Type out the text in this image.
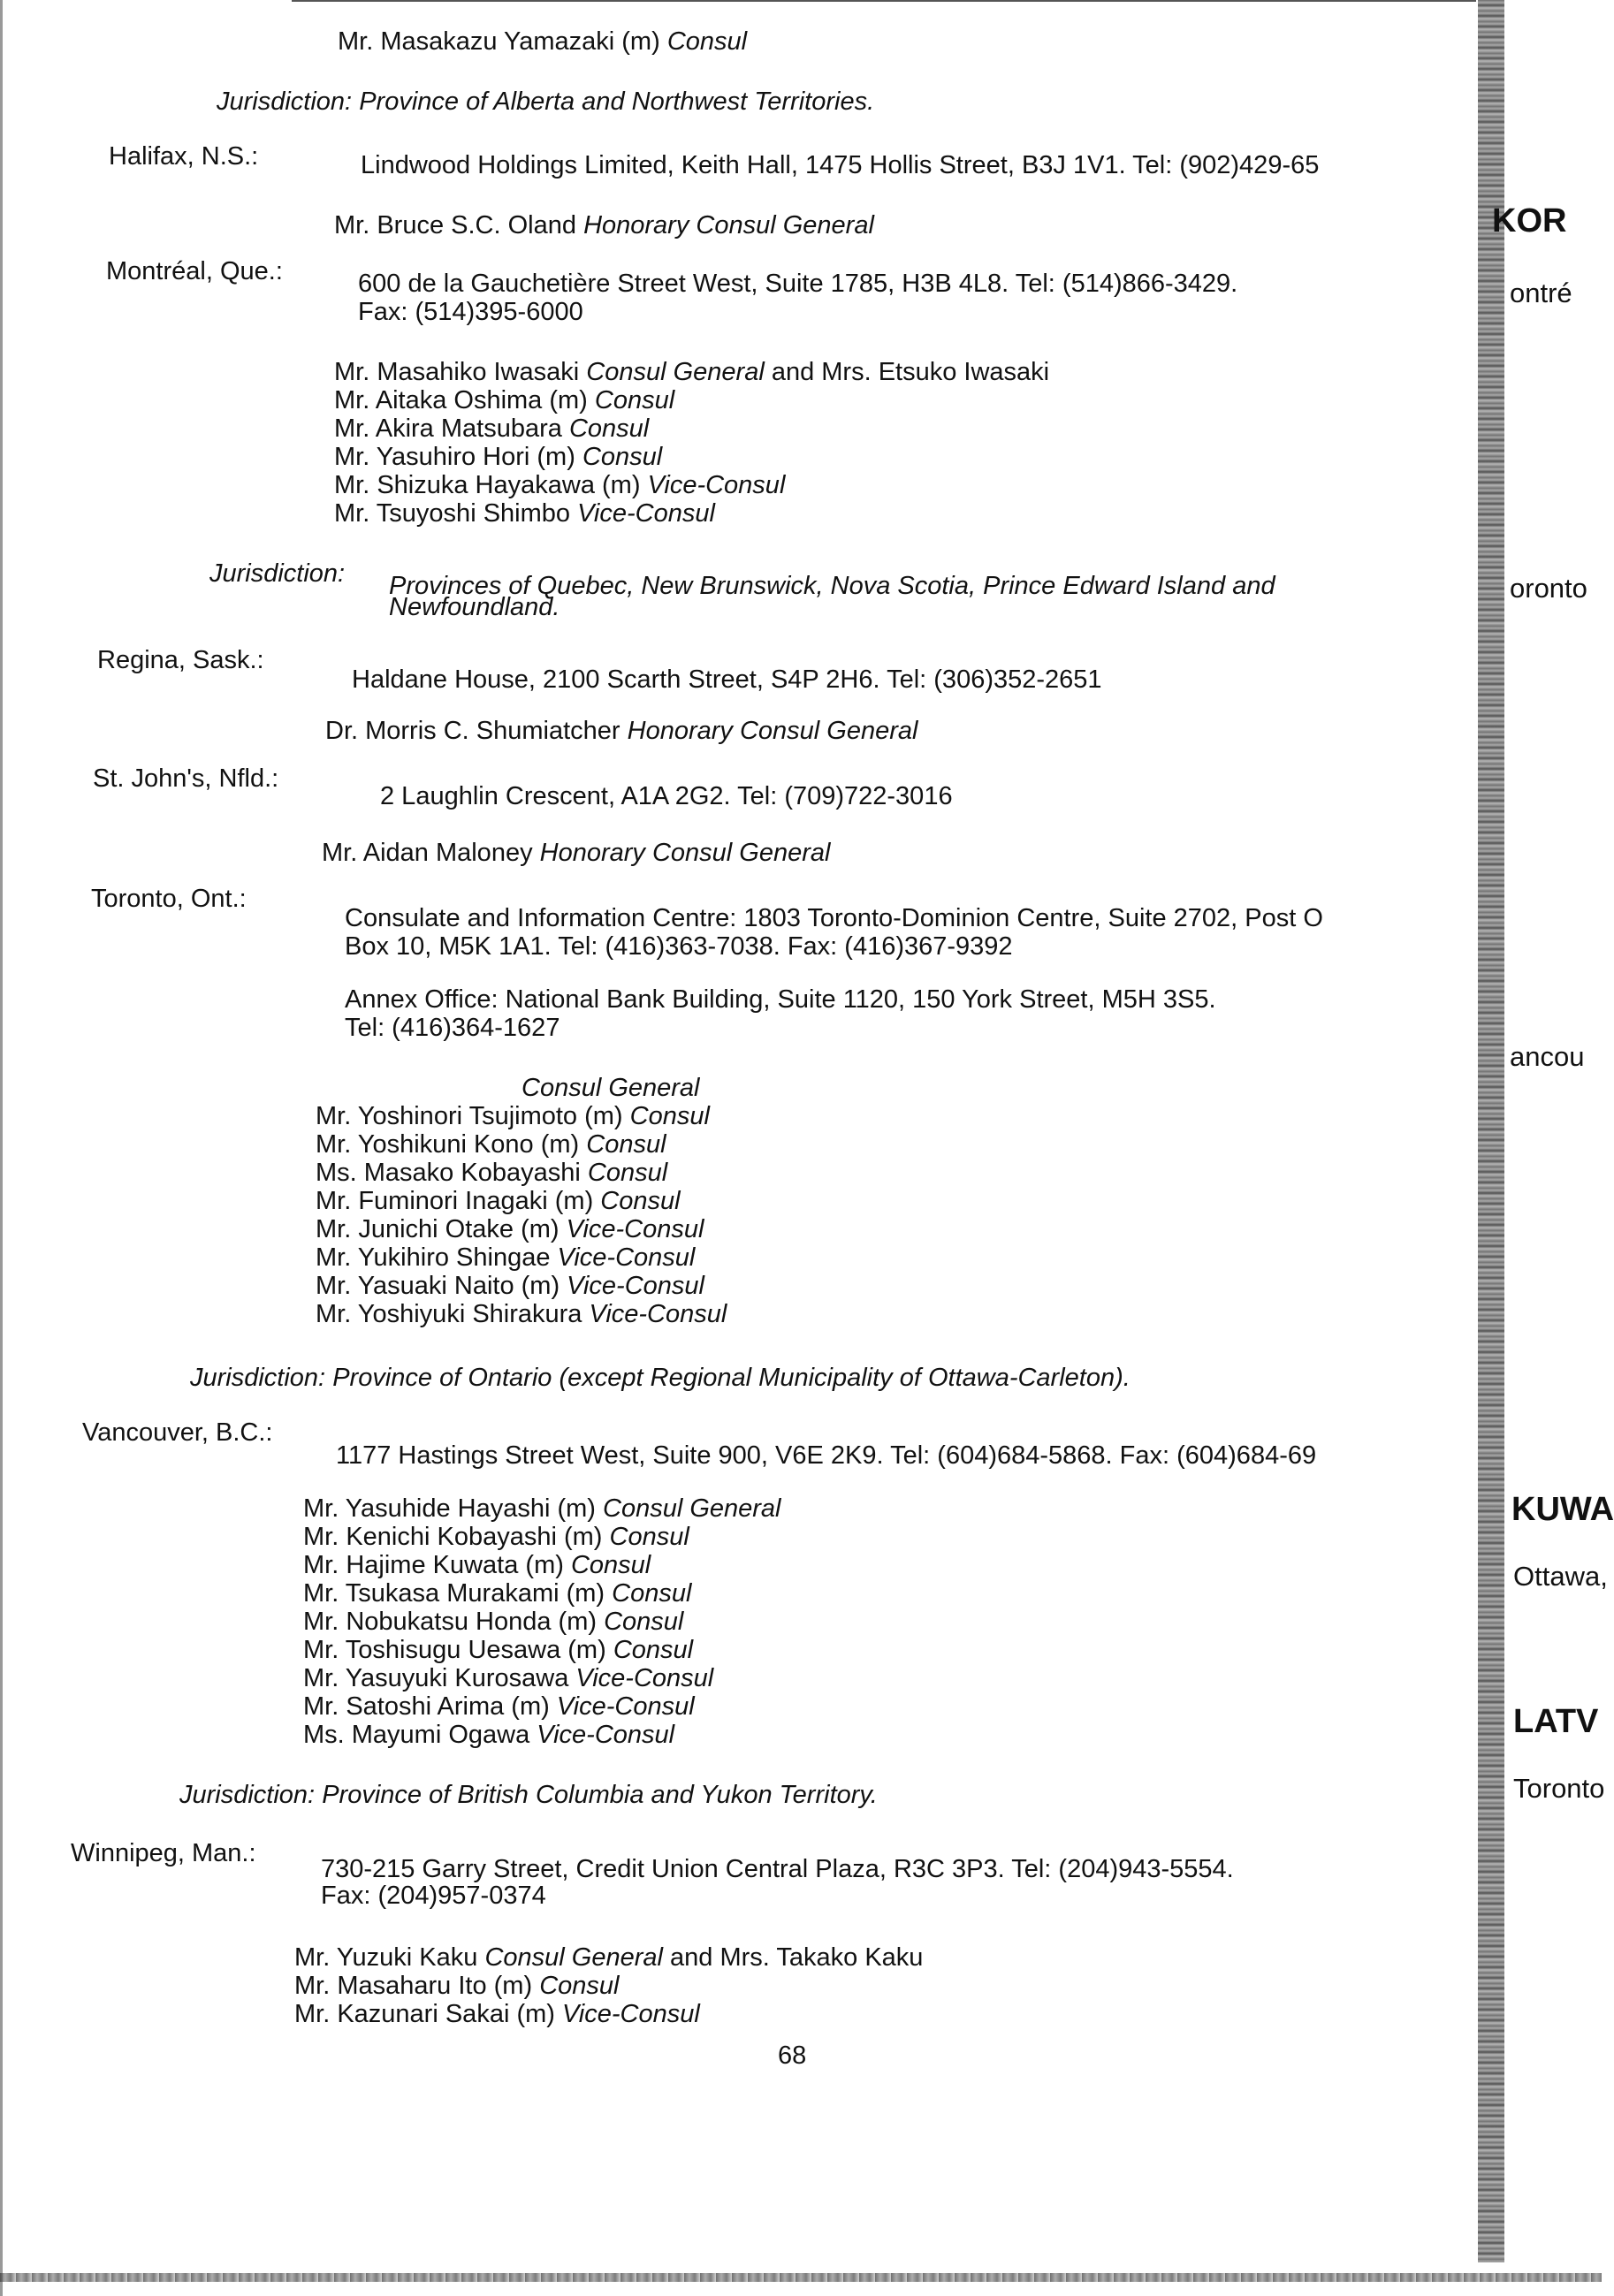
Mr. Masakazu Yamazaki (m) Consul
Jurisdiction: Province of Alberta and Northwest Territories.
Halifax, N.S.:	Lindwood Holdings Limited, Keith Hall, 1475 Hollis Street, B3J 1V1. Tel: (902)429-65
Mr. Bruce S.C. Oland Honorary Consul General
Montréal, Que.:	600 de la Gauchetière Street West, Suite 1785, H3B 4L8. Tel: (514)866-3429.
Fax: (514)395-6000
Mr. Masahiko Iwasaki Consul General and Mrs. Etsuko Iwasaki
Mr. Aitaka Oshima (m) Consul
Mr. Akira Matsubara Consul
Mr. Yasuhiro Hori (m) Consul
Mr. Shizuka Hayakawa (m) Vice-Consul
Mr. Tsuyoshi Shimbo Vice-Consul
Jurisdiction: Provinces of Quebec, New Brunswick, Nova Scotia, Prince Edward Island and
Newfoundland.
Regina, Sask.:
Haldane House, 2100 Scarth Street, S4P 2H6. Tel: (306)352-2651
Dr. Morris C. Shumiatcher Honorary Consul General
St. John's, Nfld.:
2 Laughlin Crescent, A1A 2G2. Tel: (709)722-3016
Mr. Aidan Maloney Honorary Consul General
Toronto, Ont.:
Consulate and Information Centre: 1803 Toronto-Dominion Centre, Suite 2702, Post O
Box 10, M5K 1A1. Tel: (416)363-7038. Fax: (416)367-9392
Annex Office: National Bank Building, Suite 1120, 150 York Street, M5H 3S5.
Tel: (416)364-1627
Consul General
Mr. Yoshinori Tsujimoto (m) Consul
Mr. Yoshikuni Kono (m) Consul
Ms. Masako Kobayashi Consul
Mr. Fuminori Inagaki (m) Consul
Mr. Junichi Otake (m) Vice-Consul
Mr. Yukihiro Shingae Vice-Consul
Mr. Yasuaki Naito (m) Vice-Consul
Mr. Yoshiyuki Shirakura Vice-Consul
Jurisdiction: Province of Ontario (except Regional Municipality of Ottawa-Carleton).
Vancouver, B.C.:
1177 Hastings Street West, Suite 900, V6E 2K9. Tel: (604)684-5868. Fax: (604)684-69
Mr. Yasuhide Hayashi (m) Consul General
Mr. Kenichi Kobayashi (m) Consul
Mr. Hajime Kuwata (m) Consul
Mr. Tsukasa Murakami (m) Consul
Mr. Nobukatsu Honda (m) Consul
Mr. Toshisugu Uesawa (m) Consul
Mr. Yasuyuki Kurosawa Vice-Consul
Mr. Satoshi Arima (m) Vice-Consul
Ms. Mayumi Ogawa Vice-Consul
Jurisdiction: Province of British Columbia and Yukon Territory.
Winnipeg, Man.:
730-215 Garry Street, Credit Union Central Plaza, R3C 3P3. Tel: (204)943-5554.
Fax: (204)957-0374
Mr. Yuzuki Kaku Consul General and Mrs. Takako Kaku
Mr. Masaharu Ito (m) Consul
Mr. Kazunari Sakai (m) Vice-Consul
68
KOR
ontré
oronto
ancou
KUWA
Ottawa,
LATV
Toronto
